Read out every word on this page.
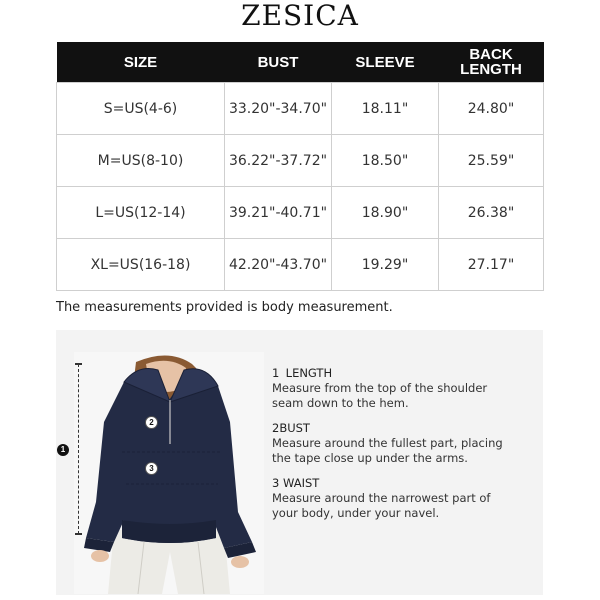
ZESICA
SIZE	BUST	SLEEVE	BACK
LENGTH
S=US(4-6)	33.20"-34.70"	18.11"	24.80"
M=US(8-10)	36.22"-37.72"	18.50"	25.59"
L=US(12-14)	39.21"-40.71"	18.90"	26.38"
XL=US(16-18)	42.20"-43.70"	19.29"	27.17"
The measurements provided is body measurement.
1
2
3
1 LENGTH
Measure from the top of the shoulder
seam down to the hem.
2BUST
Measure around the fullest part, placing
the tape close up under the arms.
3 WAIST
Measure around the narrowest part of
your body, under your navel.
